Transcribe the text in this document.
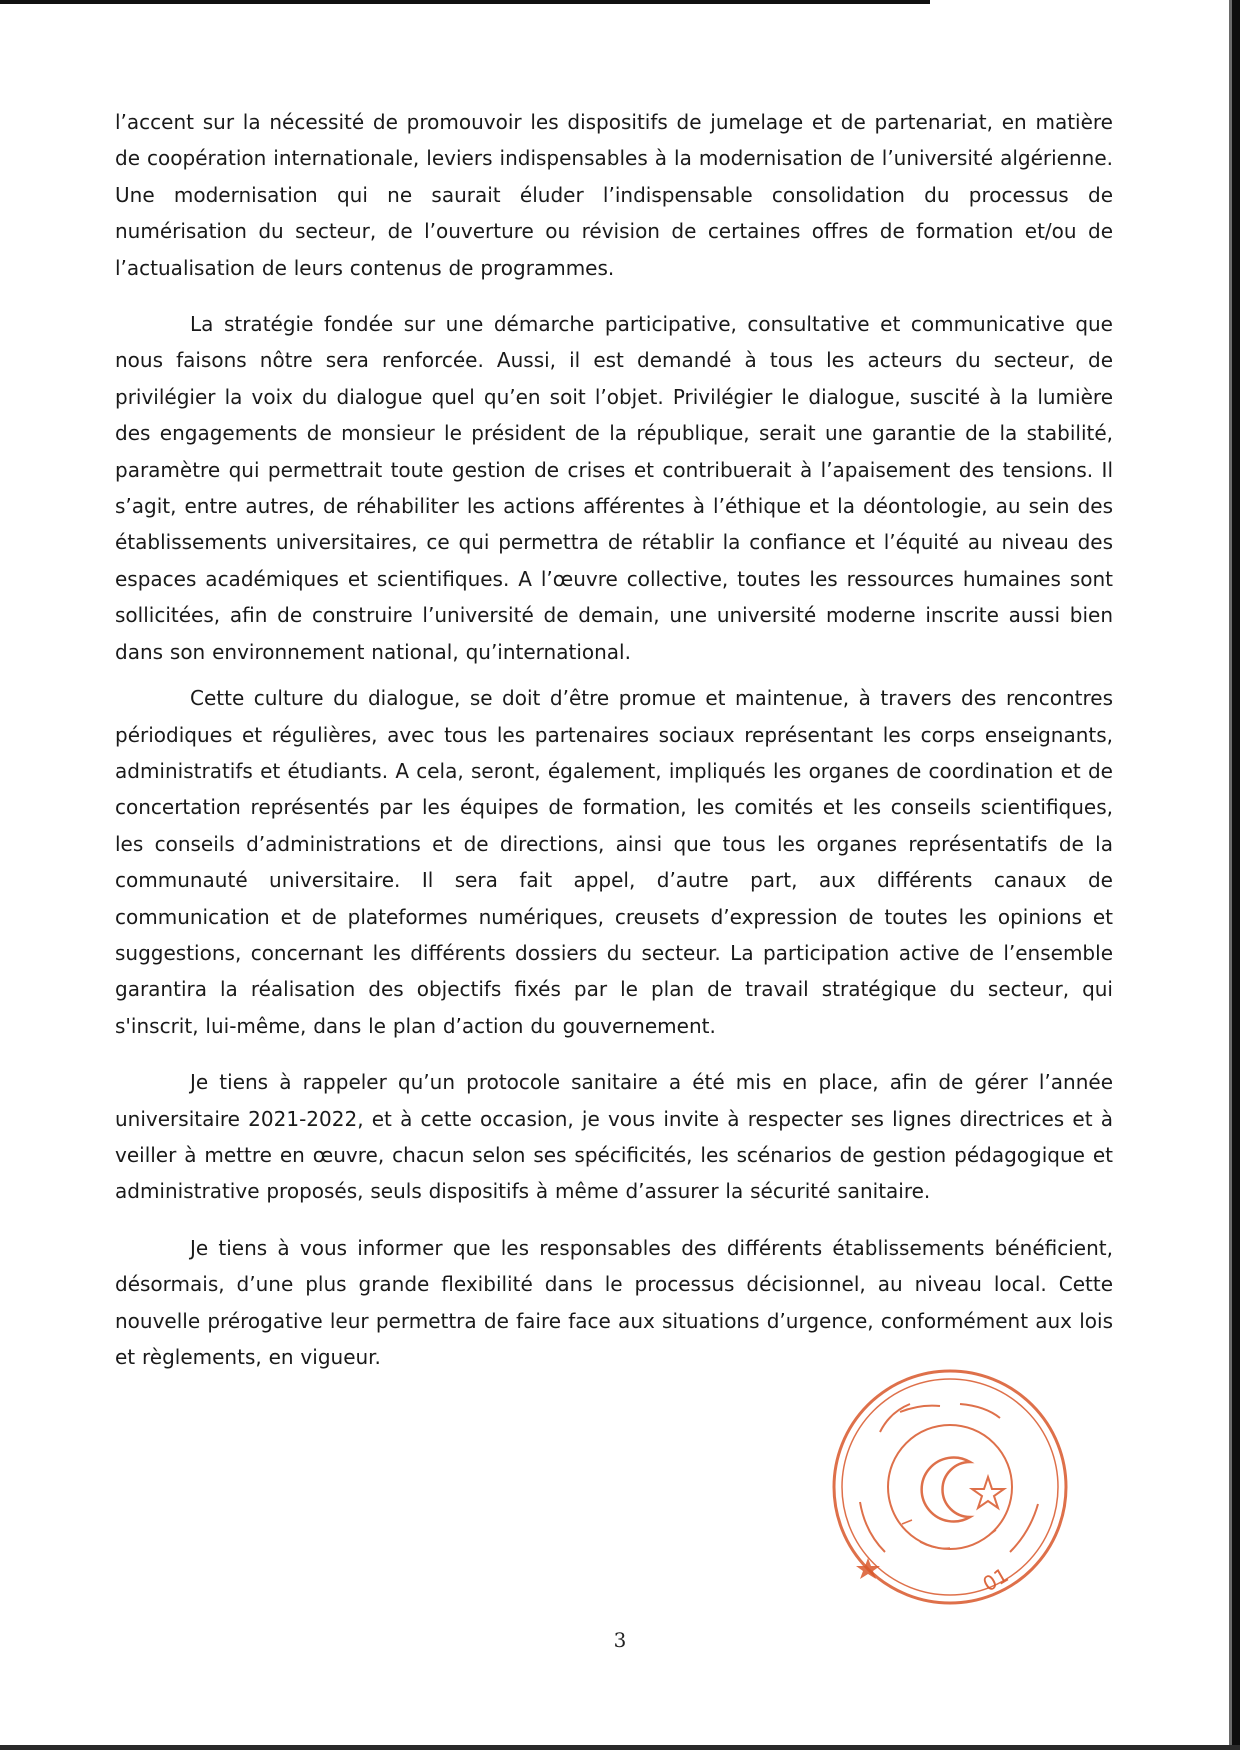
l’accent sur la nécessité de promouvoir les dispositifs de jumelage et de partenariat, en matière de coopération internationale, leviers indispensables à la modernisation de l’université algérienne. Une modernisation qui ne saurait éluder l’indispensable consolidation du processus de numérisation du secteur, de l’ouverture ou révision de certaines offres de formation et/ou de l’actualisation de leurs contenus de programmes.

La stratégie fondée sur une démarche participative, consultative et communicative que nous faisons nôtre sera renforcée. Aussi, il est demandé à tous les acteurs du secteur, de privilégier la voix du dialogue quel qu’en soit l’objet. Privilégier le dialogue, suscité à la lumière des engagements de monsieur le président de la république, serait une garantie de la stabilité, paramètre qui permettrait toute gestion de crises et contribuerait à l’apaisement des tensions. Il s’agit, entre autres, de réhabiliter les actions afférentes à l’éthique et la déontologie, au sein des établissements universitaires, ce qui permettra de rétablir la confiance et l’équité au niveau des espaces académiques et scientifiques. A l’œuvre collective, toutes les ressources humaines sont sollicitées, afin de construire l’université de demain, une université moderne inscrite aussi bien dans son environnement national, qu’international.

Cette culture du dialogue, se doit d’être promue et maintenue, à travers des rencontres périodiques et régulières, avec tous les partenaires sociaux représentant les corps enseignants, administratifs et étudiants. A cela, seront, également, impliqués les organes de coordination et de concertation représentés par les équipes de formation, les comités et les conseils scientifiques, les conseils d’administrations et de directions, ainsi que tous les organes représentatifs de la communauté universitaire. Il sera fait appel, d’autre part, aux différents canaux de communication et de plateformes numériques, creusets d’expression de toutes les opinions et suggestions, concernant les différents dossiers du secteur. La participation active de l’ensemble garantira la réalisation des objectifs fixés par le plan de travail stratégique du secteur, qui s'inscrit, lui-même, dans le plan d’action du gouvernement.

Je tiens à rappeler qu’un protocole sanitaire a été mis en place, afin de gérer l’année universitaire 2021-2022, et à cette occasion, je vous invite à respecter ses lignes directrices et à veiller à mettre en œuvre, chacun selon ses spécificités, les scénarios de gestion pédagogique et administrative proposés, seuls dispositifs à même d’assurer la sécurité sanitaire.

Je tiens à vous informer que les responsables des différents établissements bénéficient, désormais, d’une plus grande flexibilité dans le processus décisionnel, au niveau local. Cette nouvelle prérogative leur permettra de faire face aux situations d’urgence, conformément aux lois et règlements, en vigueur.

01
3
